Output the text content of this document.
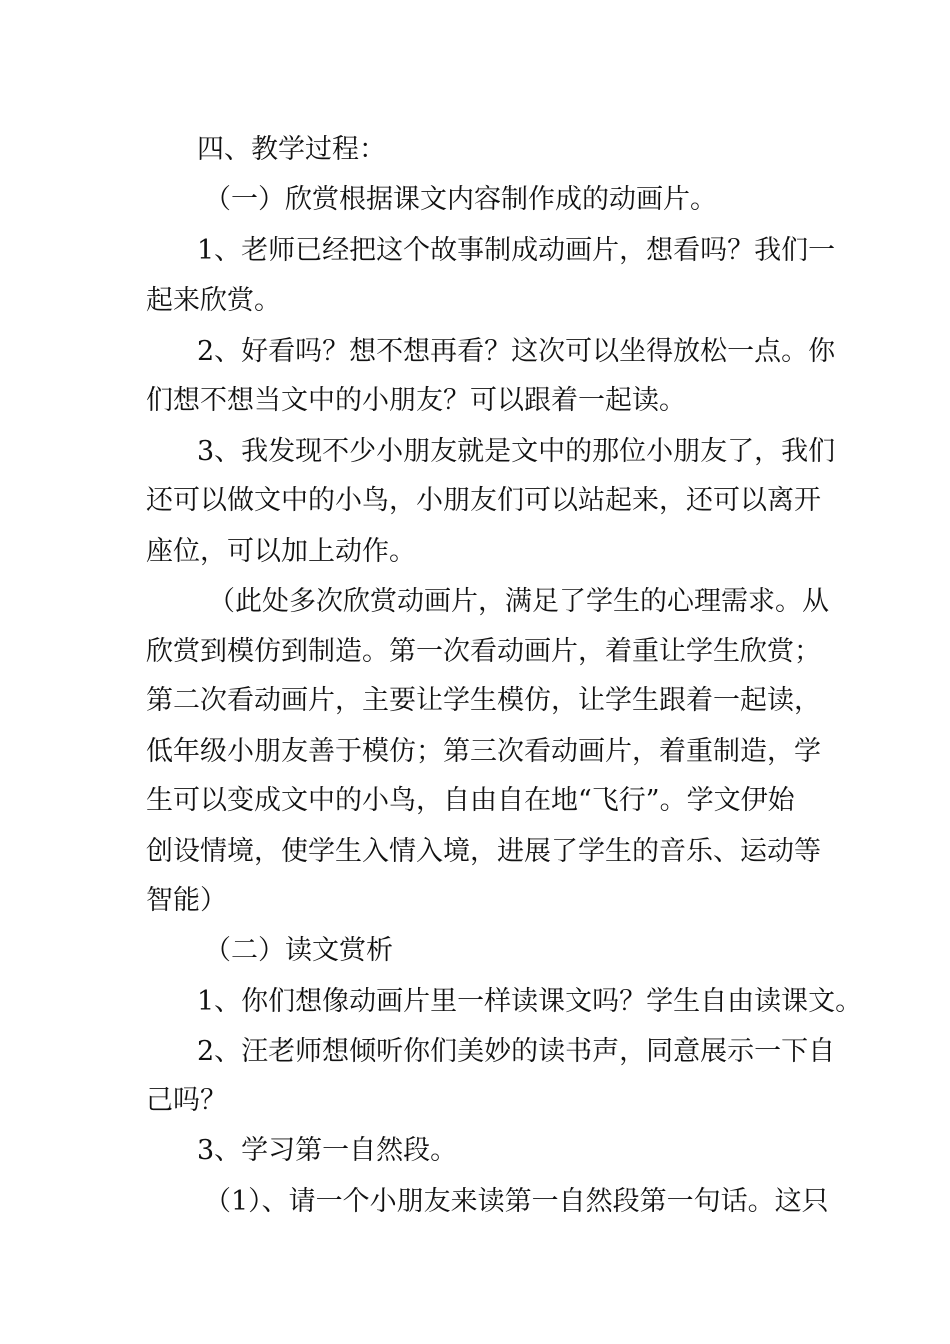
四、教学过程：
（一）欣赏根据课文内容制作成的动画片。
1、老师已经把这个故事制成动画片，想看吗？我们一
起来欣赏。
2、好看吗？想不想再看？这次可以坐得放松一点。你
们想不想当文中的小朋友？可以跟着一起读。
3、我发现不少小朋友就是文中的那位小朋友了，我们
还可以做文中的小鸟，小朋友们可以站起来，还可以离开
座位，可以加上动作。
（此处多次欣赏动画片，满足了学生的心理需求。从
欣赏到模仿到制造。第一次看动画片，着重让学生欣赏；
第二次看动画片，主要让学生模仿，让学生跟着一起读，
低年级小朋友善于模仿；第三次看动画片，着重制造，学
生可以变成文中的小鸟，自由自在地“飞行”。学文伊始
创设情境，使学生入情入境，进展了学生的音乐、运动等
智能）
（二）读文赏析
1、你们想像动画片里一样读课文吗？学生自由读课文。
2、汪老师想倾听你们美妙的读书声，同意展示一下自
己吗？
3、学习第一自然段。
（1）、请一个小朋友来读第一自然段第一句话。这只
